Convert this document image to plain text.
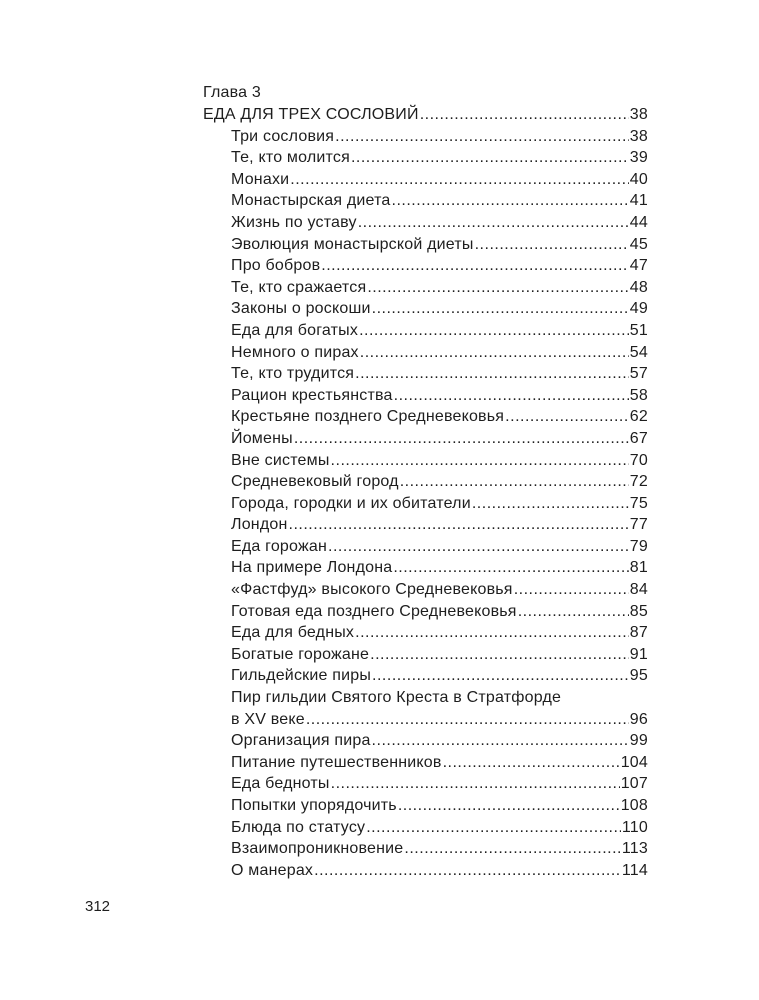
Глава 3
ЕДА ДЛЯ ТРЕХ СОСЛОВИЙ .....	38
Три сословия .....	38
Те, кто молится .....	39
Монахи .....	40
Монастырская диета .....	41
Жизнь по уставу .....	44
Эволюция монастырской диеты .....	45
Про бобров .....	47
Те, кто сражается .....	48
Законы о роскоши .....	49
Еда для богатых .....	51
Немного о пирах .....	54
Те, кто трудится .....	57
Рацион крестьянства .....	58
Крестьяне позднего Средневековья .....	62
Йомены .....	67
Вне системы .....	70
Средневековый город .....	72
Города, городки и их обитатели .....	75
Лондон .....	77
Еда горожан .....	79
На примере Лондона .....	81
«Фастфуд» высокого Средневековья .....	84
Готовая еда позднего Средневековья .....	85
Еда для бедных .....	87
Богатые горожане .....	91
Гильдейские пиры .....	95
Пир гильдии Святого Креста в Стратфорде
в XV веке .....	96
Организация пира .....	99
Питание путешественников .....	104
Еда бедноты .....	107
Попытки упорядочить .....	108
Блюда по статусу .....	110
Взаимопроникновение .....	113
О манерах .....	114
312
